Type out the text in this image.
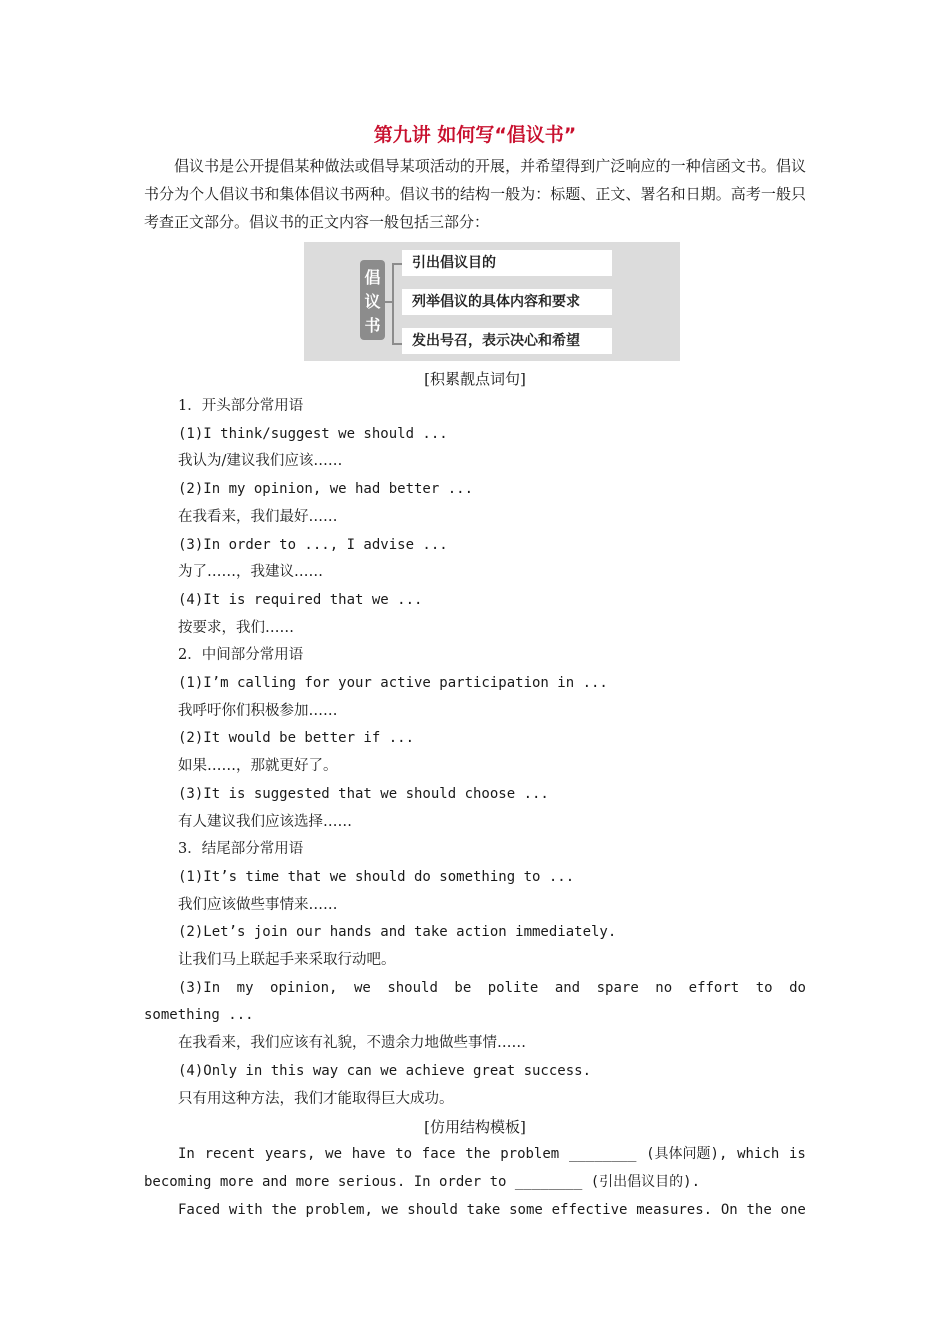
第九讲 如何写“倡议书”

倡议书是公开提倡某种做法或倡导某项活动的开展，并希望得到广泛响应的一种信函文书。倡议书分为个人倡议书和集体倡议书两种。倡议书的结构一般为：标题、正文、署名和日期。高考一般只考查正文部分。倡议书的正文内容一般包括三部分：

倡
议
书
引出倡议目的
列举倡议的具体内容和要求
发出号召，表示决心和希望

[积累靓点词句]

1．开头部分常用语

(1)I think/suggest we should ...

我认为/建议我们应该……

(2)In my opinion, we had better ...

在我看来，我们最好……

(3)In order to ..., I advise ...

为了……，我建议……

(4)It is required that we ...

按要求，我们……

2．中间部分常用语

(1)I’m calling for your active participation in ...

我呼吁你们积极参加……

(2)It would be better if ...

如果……，那就更好了。

(3)It is suggested that we should choose ...

有人建议我们应该选择……

3．结尾部分常用语

(1)It’s time that we should do something to ...

我们应该做些事情来……

(2)Let’s join our hands and take action immediately.

让我们马上联起手来采取行动吧。

(3)In my opinion, we should be polite and spare no effort to do

something ...

在我看来，我们应该有礼貌，不遗余力地做些事情……

(4)Only in this way can we achieve great success.

只有用这种方法，我们才能取得巨大成功。

[仿用结构模板]

In recent years, we have to face the problem ________ (具体问题), which is

becoming more and more serious. In order to ________ (引出倡议目的).

Faced with the problem, we should take some effective measures. On the one
